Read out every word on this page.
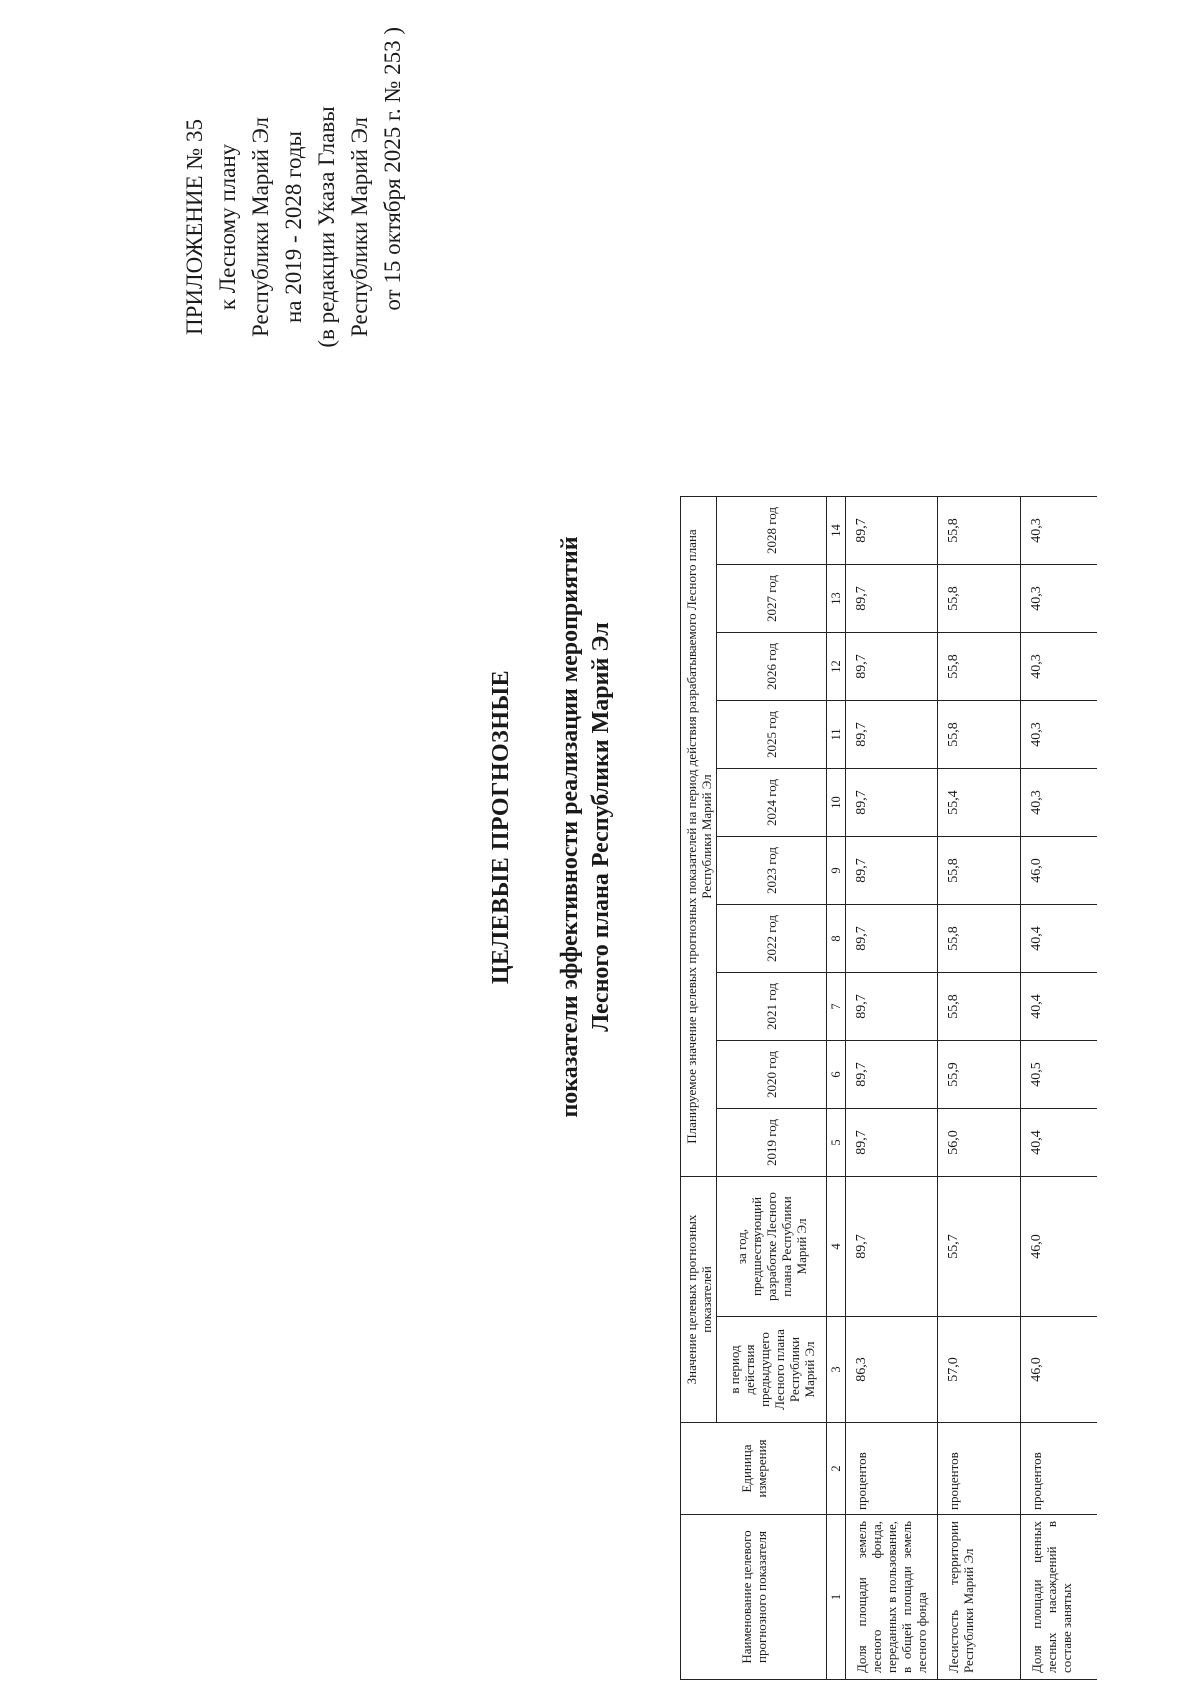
ПРИЛОЖЕНИЕ № 35 к Лесному плану Республики Марий Эл на 2019 - 2028 годы (в редакции Указа Главы Республики Марий Эл от 15 октября 2025 г. № 253 )
ЦЕЛЕВЫЕ ПРОГНОЗНЫЕ показатели эффективности реализации мероприятий Лесного плана Республики Марий Эл
Наименование целевого прогнозного показателя	Единица измерения	Значение целевых прогнозных показателей		Планируемое значение целевых прогнозных показателей на период действия разрабатываемого Лесного плана Республики Марий Эл									
		в период действия предыдущего Лесного плана Республики Марий Эл	за год, предшествующий разработке Лесного плана Республики Марий Эл	2019 год	2020 год	2021 год	2022 год	2023 год	2024 год	2025 год	2026 год	2027 год	2028 год

1	2	3	4	5	6	7	8	9	10	11	12	13	14
Доля площади земель лесного фонда, переданных в пользование, в общей площади земель лесного фонда	процентов	86,3	89,7	89,7	89,7	89,7	89,7	89,7	89,7	89,7	89,7	89,7	89,7
Лесистость территории Республики Марий Эл	процентов	57,0	55,7	56,0	55,9	55,8	55,8	55,8	55,4	55,8	55,8	55,8	55,8
Доля площади ценных лесных насаждений в составе занятых	процентов	46,0	46,0	40,4	40,5	40,4	40,4	46,0	40,3	40,3	40,3	40,3	40,3
